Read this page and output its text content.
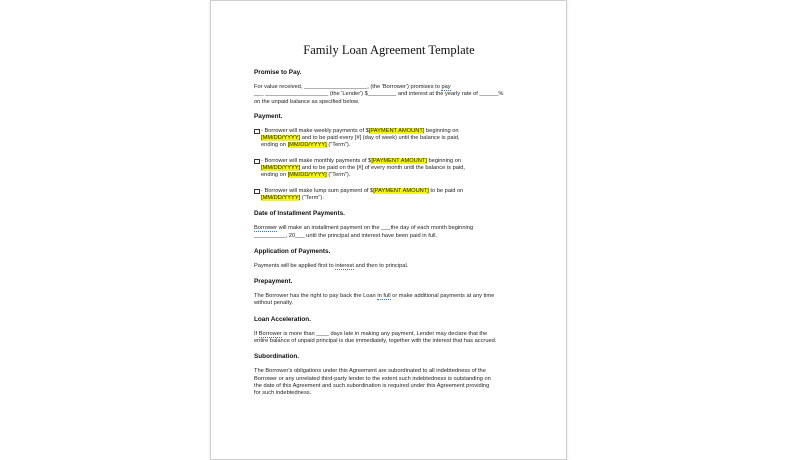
Family Loan Agreement Template
Promise to Pay.
For value received, ____________________, (the 'Borrower') promises to pay
___ ____________________ (the 'Lender') $_________ and interest at the yearly rate of ______%
on the unpaid balance as specified below.
Payment.
- Borrower will make weekly payments of $[PAYMENT AMOUNT] beginning on
[MM/DD/YYYY] and to be paid every [#] (day of week) until the balance is paid,
ending on [MM/DD/YYYY] ("Term").
- Borrower will make monthly payments of $[PAYMENT AMOUNT] beginning on
[MM/DD/YYYY] and to be paid on the [#] of every month until the balance is paid,
ending on [MM/DD/YYYY] ("Term").
- Borrower will make lump sum payment of $[PAYMENT AMOUNT] to be paid on
[MM/DD/YYYY] ("Term").
Date of Installment Payments.
Borrower will make an installment payment on the ___the day of each month beginning
__________, 20___ until the principal and interest have been paid in full.
Application of Payments.
Payments will be applied first to interest and then to principal.
Prepayment.
The Borrower has the right to pay back the Loan in full or make additional payments at any time
without penalty.
Loan Acceleration.
If Borrower is more than ____ days late in making any payment, Lender may declare that the
entire balance of unpaid principal is due immediately, together with the interest that has accrued.
Subordination.
The Borrower's obligations under this Agreement are subordinated to all indebtedness of the
Borrower or any unrelated third-party lender to the extent such indebtedness is outstanding on
the date of this Agreement and such subordination is required under this Agreement providing
for such indebtedness.
